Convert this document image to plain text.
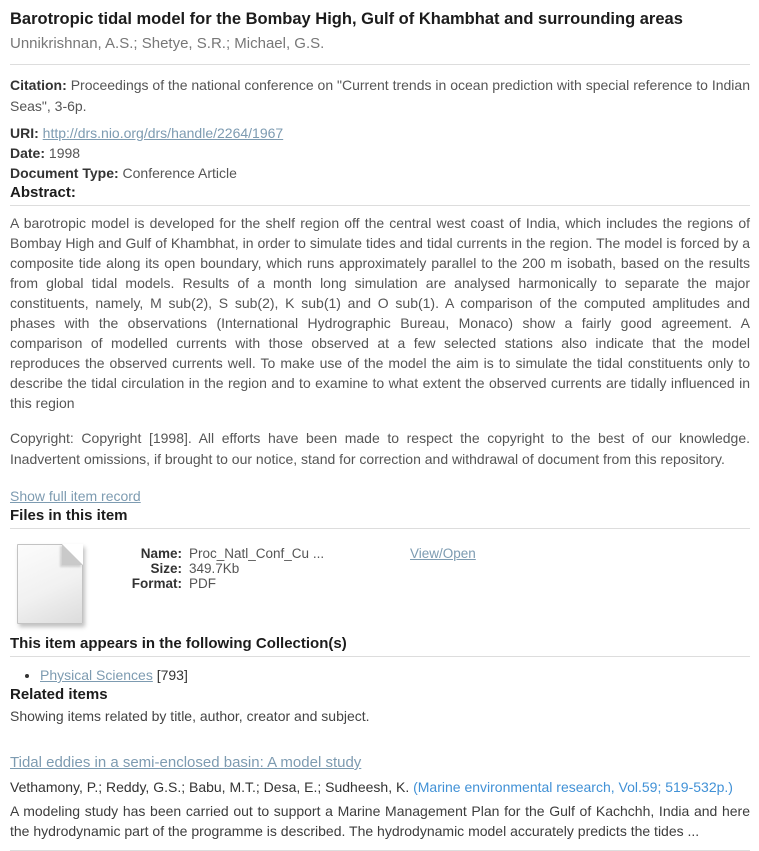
Barotropic tidal model for the Bombay High, Gulf of Khambhat and surrounding areas

Unnikrishnan, A.S.; Shetye, S.R.; Michael, G.S.

Citation: Proceedings of the national conference on "Current trends in ocean prediction with special reference to Indian Seas", 3-6p.

URI: http://drs.nio.org/drs/handle/2264/1967

Date: 1998

Document Type: Conference Article

Abstract:

A barotropic model is developed for the shelf region off the central west coast of India, which includes the regions of Bombay High and Gulf of Khambhat, in order to simulate tides and tidal currents in the region. The model is forced by a composite tide along its open boundary, which runs approximately parallel to the 200 m isobath, based on the results from global tidal models. Results of a month long simulation are analysed harmonically to separate the major constituents, namely, M sub(2), S sub(2), K sub(1) and O sub(1). A comparison of the computed amplitudes and phases with the observations (International Hydrographic Bureau, Monaco) show a fairly good agreement. A comparison of modelled currents with those observed at a few selected stations also indicate that the model reproduces the observed currents well. To make use of the model the aim is to simulate the tidal constituents only to describe the tidal circulation in the region and to examine to what extent the observed currents are tidally influenced in this region

Copyright: Copyright [1998]. All efforts have been made to respect the copyright to the best of our knowledge. Inadvertent omissions, if brought to our notice, stand for correction and withdrawal of document from this repository.

Show full item record
Files in this item
Name: Proc_Natl_Conf_Cu ...
Size: 349.7Kb
Format: PDF
View/Open
This item appears in the following Collection(s)
• Physical Sciences [793]
Related items

Showing items related by title, author, creator and subject.

Tidal eddies in a semi-enclosed basin: A model study

Vethamony, P.; Reddy, G.S.; Babu, M.T.; Desa, E.; Sudheesh, K. (Marine environmental research, Vol.59; 519-532p.)

A modeling study has been carried out to support a Marine Management Plan for the Gulf of Kachchh, India and here the hydrodynamic part of the programme is described. The hydrodynamic model accurately predicts the tides ...
